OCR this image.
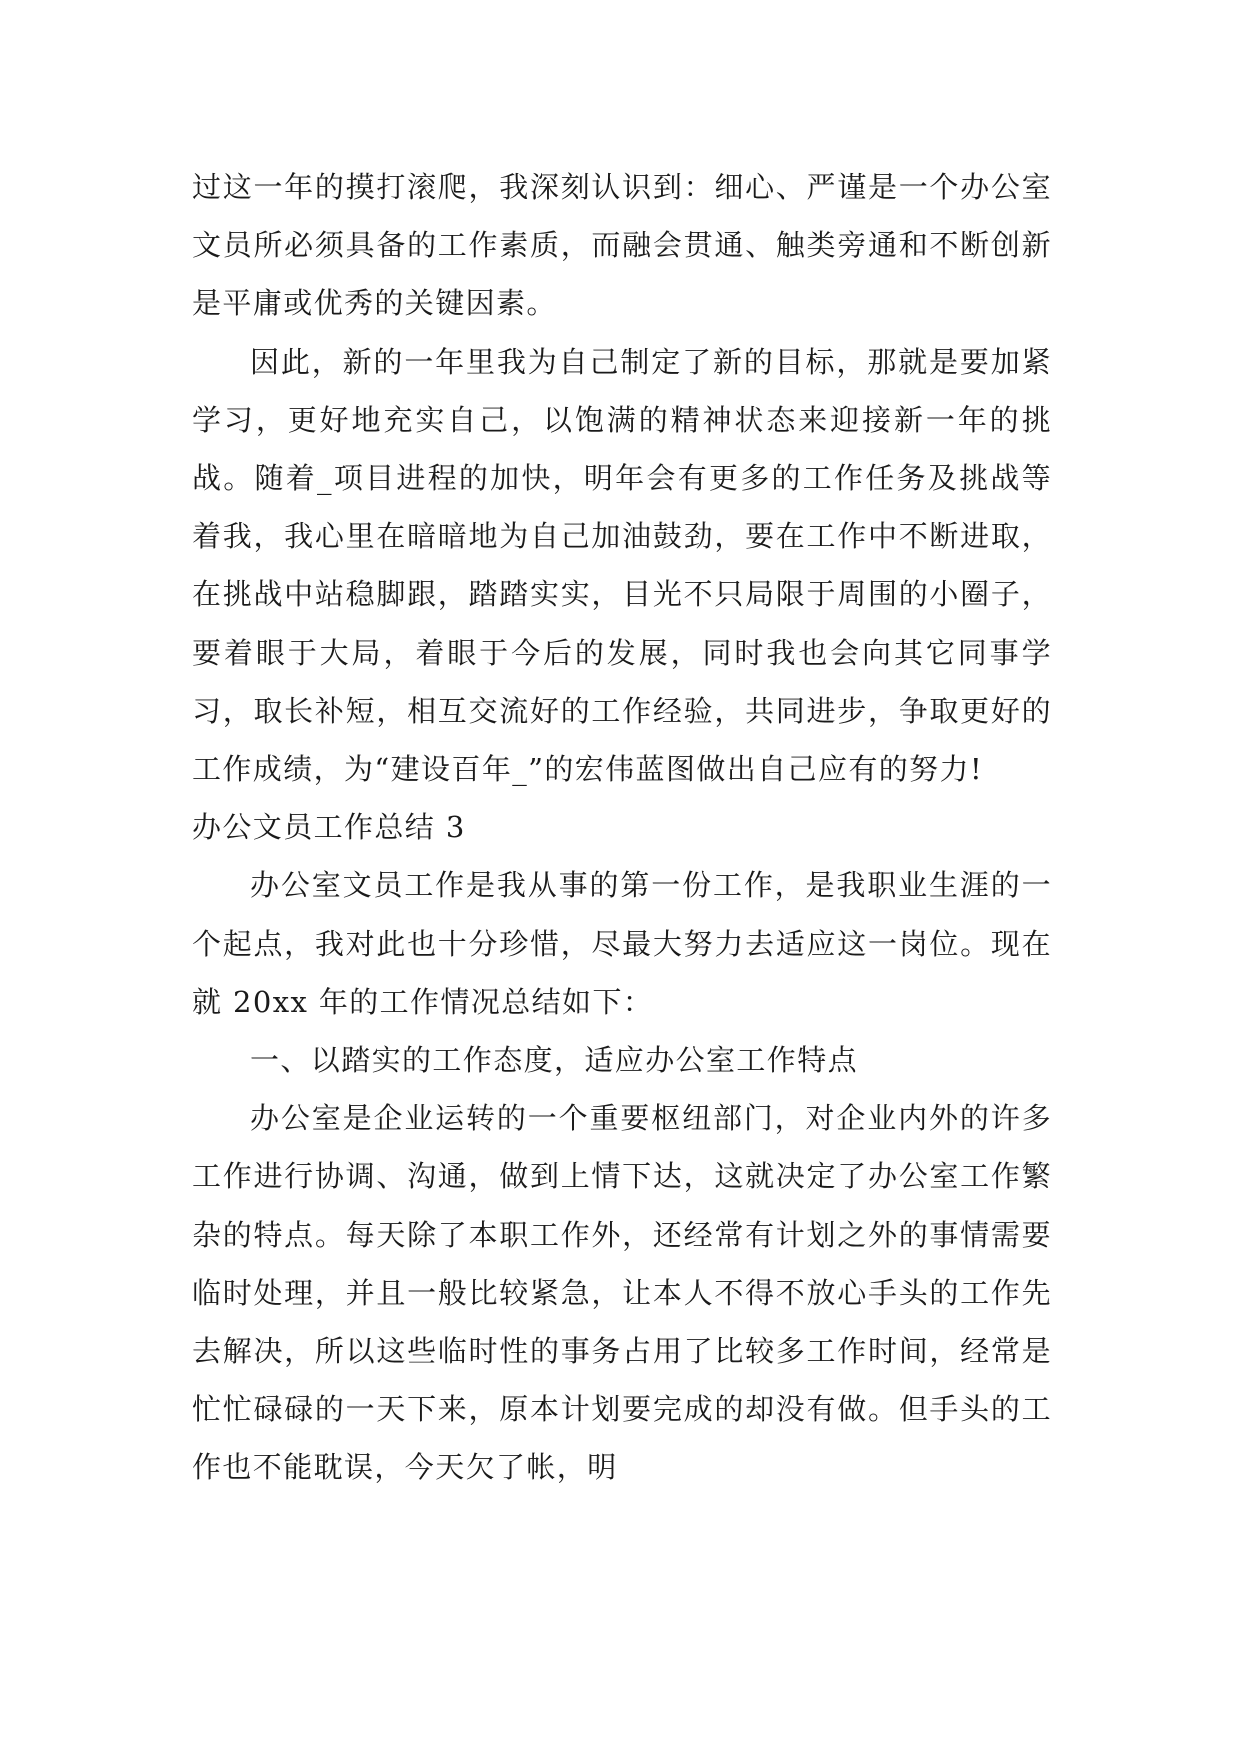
过这一年的摸打滚爬，我深刻认识到：细心、严谨是一个办公室文员所必须具备的工作素质，而融会贯通、触类旁通和不断创新是平庸或优秀的关键因素。

因此，新的一年里我为自己制定了新的目标，那就是要加紧学习，更好地充实自己，以饱满的精神状态来迎接新一年的挑战。随着_项目进程的加快，明年会有更多的工作任务及挑战等着我，我心里在暗暗地为自己加油鼓劲，要在工作中不断进取，在挑战中站稳脚跟，踏踏实实，目光不只局限于周围的小圈子，要着眼于大局，着眼于今后的发展，同时我也会向其它同事学习，取长补短，相互交流好的工作经验，共同进步，争取更好的工作成绩，为“建设百年_”的宏伟蓝图做出自己应有的努力!

办公文员工作总结 3

办公室文员工作是我从事的第一份工作，是我职业生涯的一个起点，我对此也十分珍惜，尽最大努力去适应这一岗位。现在就 20xx 年的工作情况总结如下：

一、以踏实的工作态度，适应办公室工作特点

办公室是企业运转的一个重要枢纽部门，对企业内外的许多工作进行协调、沟通，做到上情下达，这就决定了办公室工作繁杂的特点。每天除了本职工作外，还经常有计划之外的事情需要临时处理，并且一般比较紧急，让本人不得不放心手头的工作先去解决，所以这些临时性的事务占用了比较多工作时间，经常是忙忙碌碌的一天下来，原本计划要完成的却没有做。但手头的工作也不能耽误，今天欠了帐，明
